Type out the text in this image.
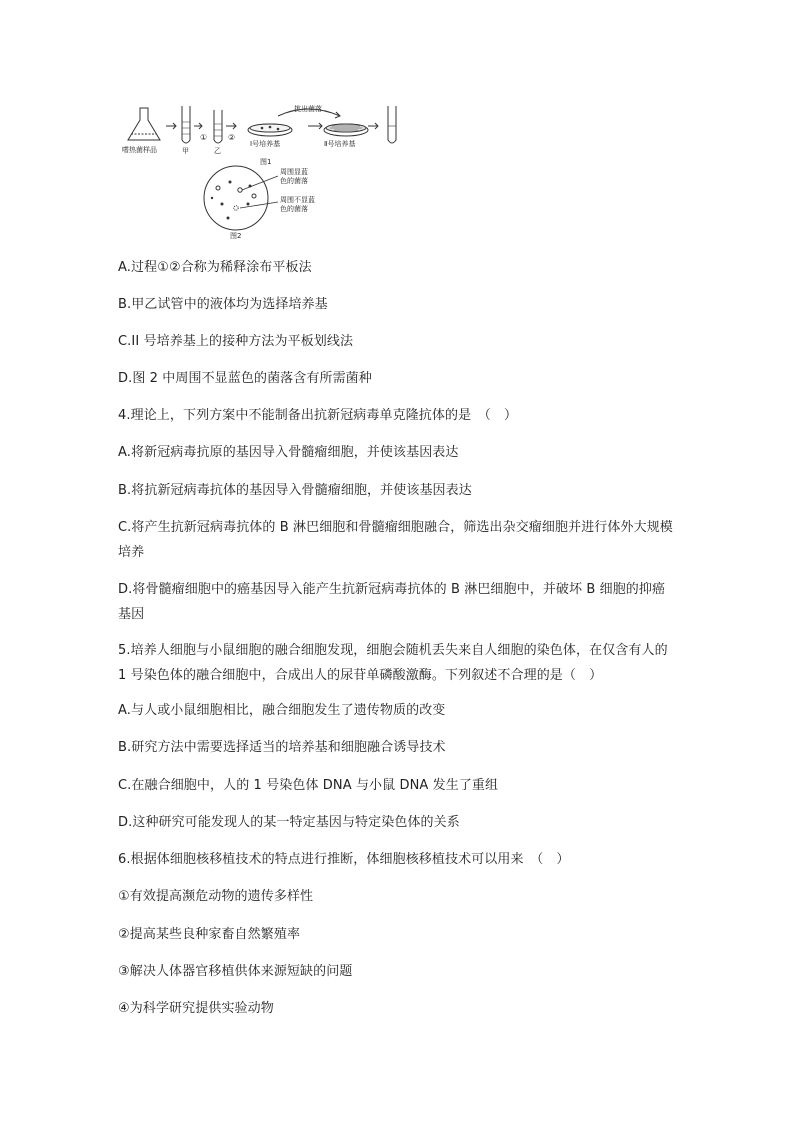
嗜热菌样品	甲
①
乙
②
Ⅰ号培养基
挑出菌落
Ⅱ号培养基
图1
周围显蓝色的菌落
周围不显蓝色的菌落
图2
A.过程①②合称为稀释涂布平板法
B.甲乙试管中的液体均为选择培养基
C.II 号培养基上的接种方法为平板划线法
D.图 2 中周围不显蓝色的菌落含有所需菌种
4.理论上，下列方案中不能制备出抗新冠病毒单克隆抗体的是　（　）
A.将新冠病毒抗原的基因导入骨髓瘤细胞，并使该基因表达
B.将抗新冠病毒抗体的基因导入骨髓瘤细胞，并使该基因表达
C.将产生抗新冠病毒抗体的 B 淋巴细胞和骨髓瘤细胞融合，筛选出杂交瘤细胞并进行体外大规模培养
D.将骨髓瘤细胞中的癌基因导入能产生抗新冠病毒抗体的 B 淋巴细胞中，并破坏 B 细胞的抑癌基因
5.培养人细胞与小鼠细胞的融合细胞发现，细胞会随机丢失来自人细胞的染色体，在仅含有人的 1 号染色体的融合细胞中，合成出人的尿苷单磷酸激酶。下列叙述不合理的是（　）
A.与人或小鼠细胞相比，融合细胞发生了遗传物质的改变
B.研究方法中需要选择适当的培养基和细胞融合诱导技术
C.在融合细胞中，人的 1 号染色体 DNA 与小鼠 DNA 发生了重组
D.这种研究可能发现人的某一特定基因与特定染色体的关系
6.根据体细胞核移植技术的特点进行推断，体细胞核移植技术可以用来　（　）
①有效提高濒危动物的遗传多样性
②提高某些良种家畜自然繁殖率
③解决人体器官移植供体来源短缺的问题
④为科学研究提供实验动物
